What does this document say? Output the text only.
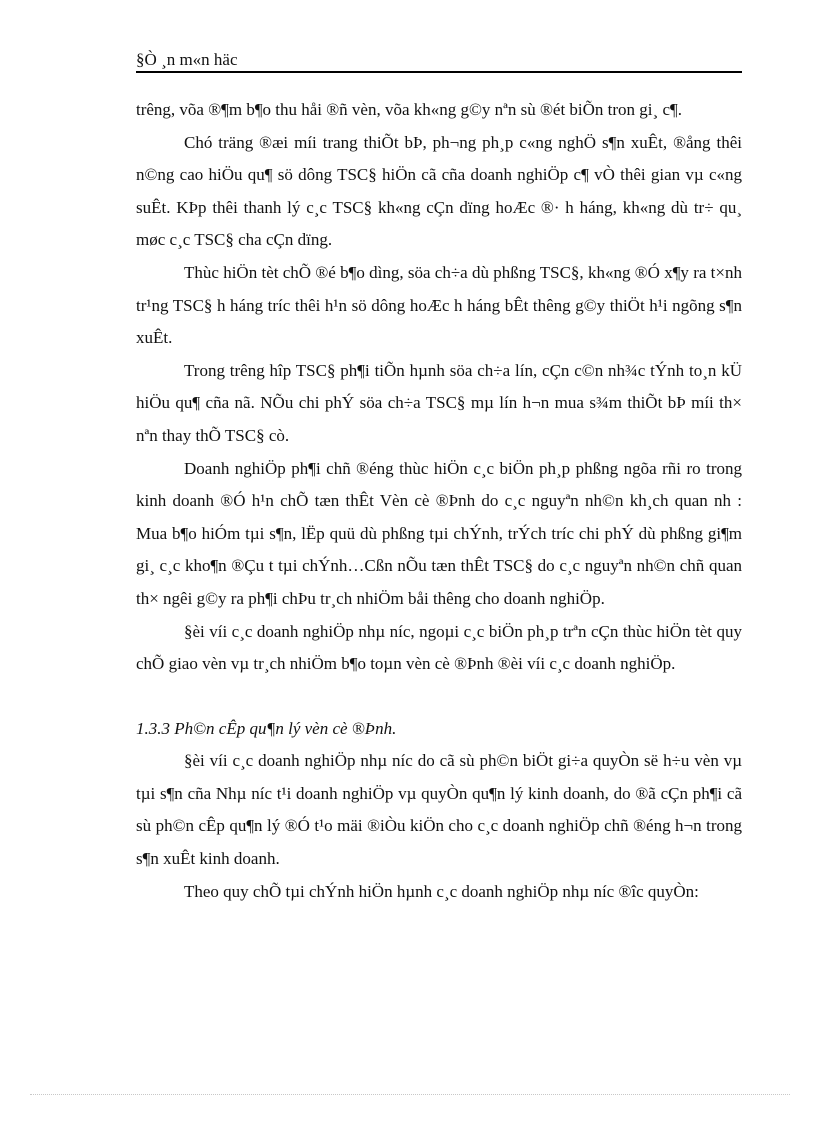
§Ò ¸n m«n häc

trêng, võa ®¶m b¶o thu håi ®ñ vèn, võa kh«ng g©y nªn sù ®ét biÕn tron gi¸ c¶.

Chó träng ®æi míi trang thiÕt bÞ, ph¬ng ph¸p c«ng nghÖ s¶n xuÊt, ®ång thêi n©ng cao hiÖu qu¶ sö dông TSC§ hiÖn cã cña doanh nghiÖp c¶ vÒ thêi gian vµ c«ng suÊt. KÞp thêi thanh lý c¸c TSC§ kh«ng cÇn dïng hoÆc ®· h háng, kh«ng dù tr÷ qu¸ møc c¸c TSC§ cha cÇn dïng.

Thùc hiÖn tèt chÕ ®é b¶o dìng, söa ch÷a dù phßng TSC§, kh«ng ®Ó x¶y ra t×nh tr¹ng TSC§ h háng tríc thêi h¹n sö dông hoÆc h háng bÊt thêng g©y thiÖt h¹i ngõng s¶n xuÊt.

Trong trêng hîp TSC§ ph¶i tiÕn hµnh söa ch÷a lín, cÇn c©n nh¾c tÝnh to¸n kÜ hiÖu qu¶ cña nã. NÕu chi phÝ söa ch÷a TSC§ mµ lín h¬n mua s¾m thiÕt bÞ míi th× nªn thay thÕ TSC§ cò.

Doanh nghiÖp ph¶i chñ ®éng thùc hiÖn c¸c biÖn ph¸p phßng ngõa rñi ro trong kinh doanh ®Ó h¹n chÕ tæn thÊt Vèn cè ®Þnh do c¸c nguyªn nh©n kh¸ch quan nh : Mua b¶o hiÓm tµi s¶n, lËp quü dù phßng tµi chÝnh, trÝch tríc chi phÝ dù phßng gi¶m gi¸ c¸c kho¶n ®Çu t tµi chÝnh…Cßn nÕu tæn thÊt TSC§ do c¸c nguyªn nh©n chñ quan th× ngêi g©y ra ph¶i chÞu tr¸ch nhiÖm båi thêng cho doanh nghiÖp.

§èi víi c¸c doanh nghiÖp nhµ níc, ngoµi c¸c biÖn ph¸p trªn cÇn thùc hiÖn tèt quy chÕ giao vèn vµ tr¸ch nhiÖm b¶o toµn vèn cè ®Þnh ®èi víi c¸c doanh nghiÖp.

1.3.3 Ph©n cÊp qu¶n lý vèn cè ®Þnh.

§èi víi c¸c doanh nghiÖp nhµ níc do cã sù ph©n biÖt gi÷a quyÒn së h÷u vèn vµ tµi s¶n cña Nhµ níc t¹i doanh nghiÖp vµ quyÒn qu¶n lý kinh doanh, do ®ã cÇn ph¶i cã sù ph©n cÊp qu¶n lý ®Ó t¹o mäi ®iÒu kiÖn cho c¸c doanh nghiÖp chñ ®éng h¬n trong s¶n xuÊt kinh doanh.

Theo quy chÕ tµi chÝnh hiÖn hµnh c¸c doanh nghiÖp nhµ níc ®îc quyÒn:
